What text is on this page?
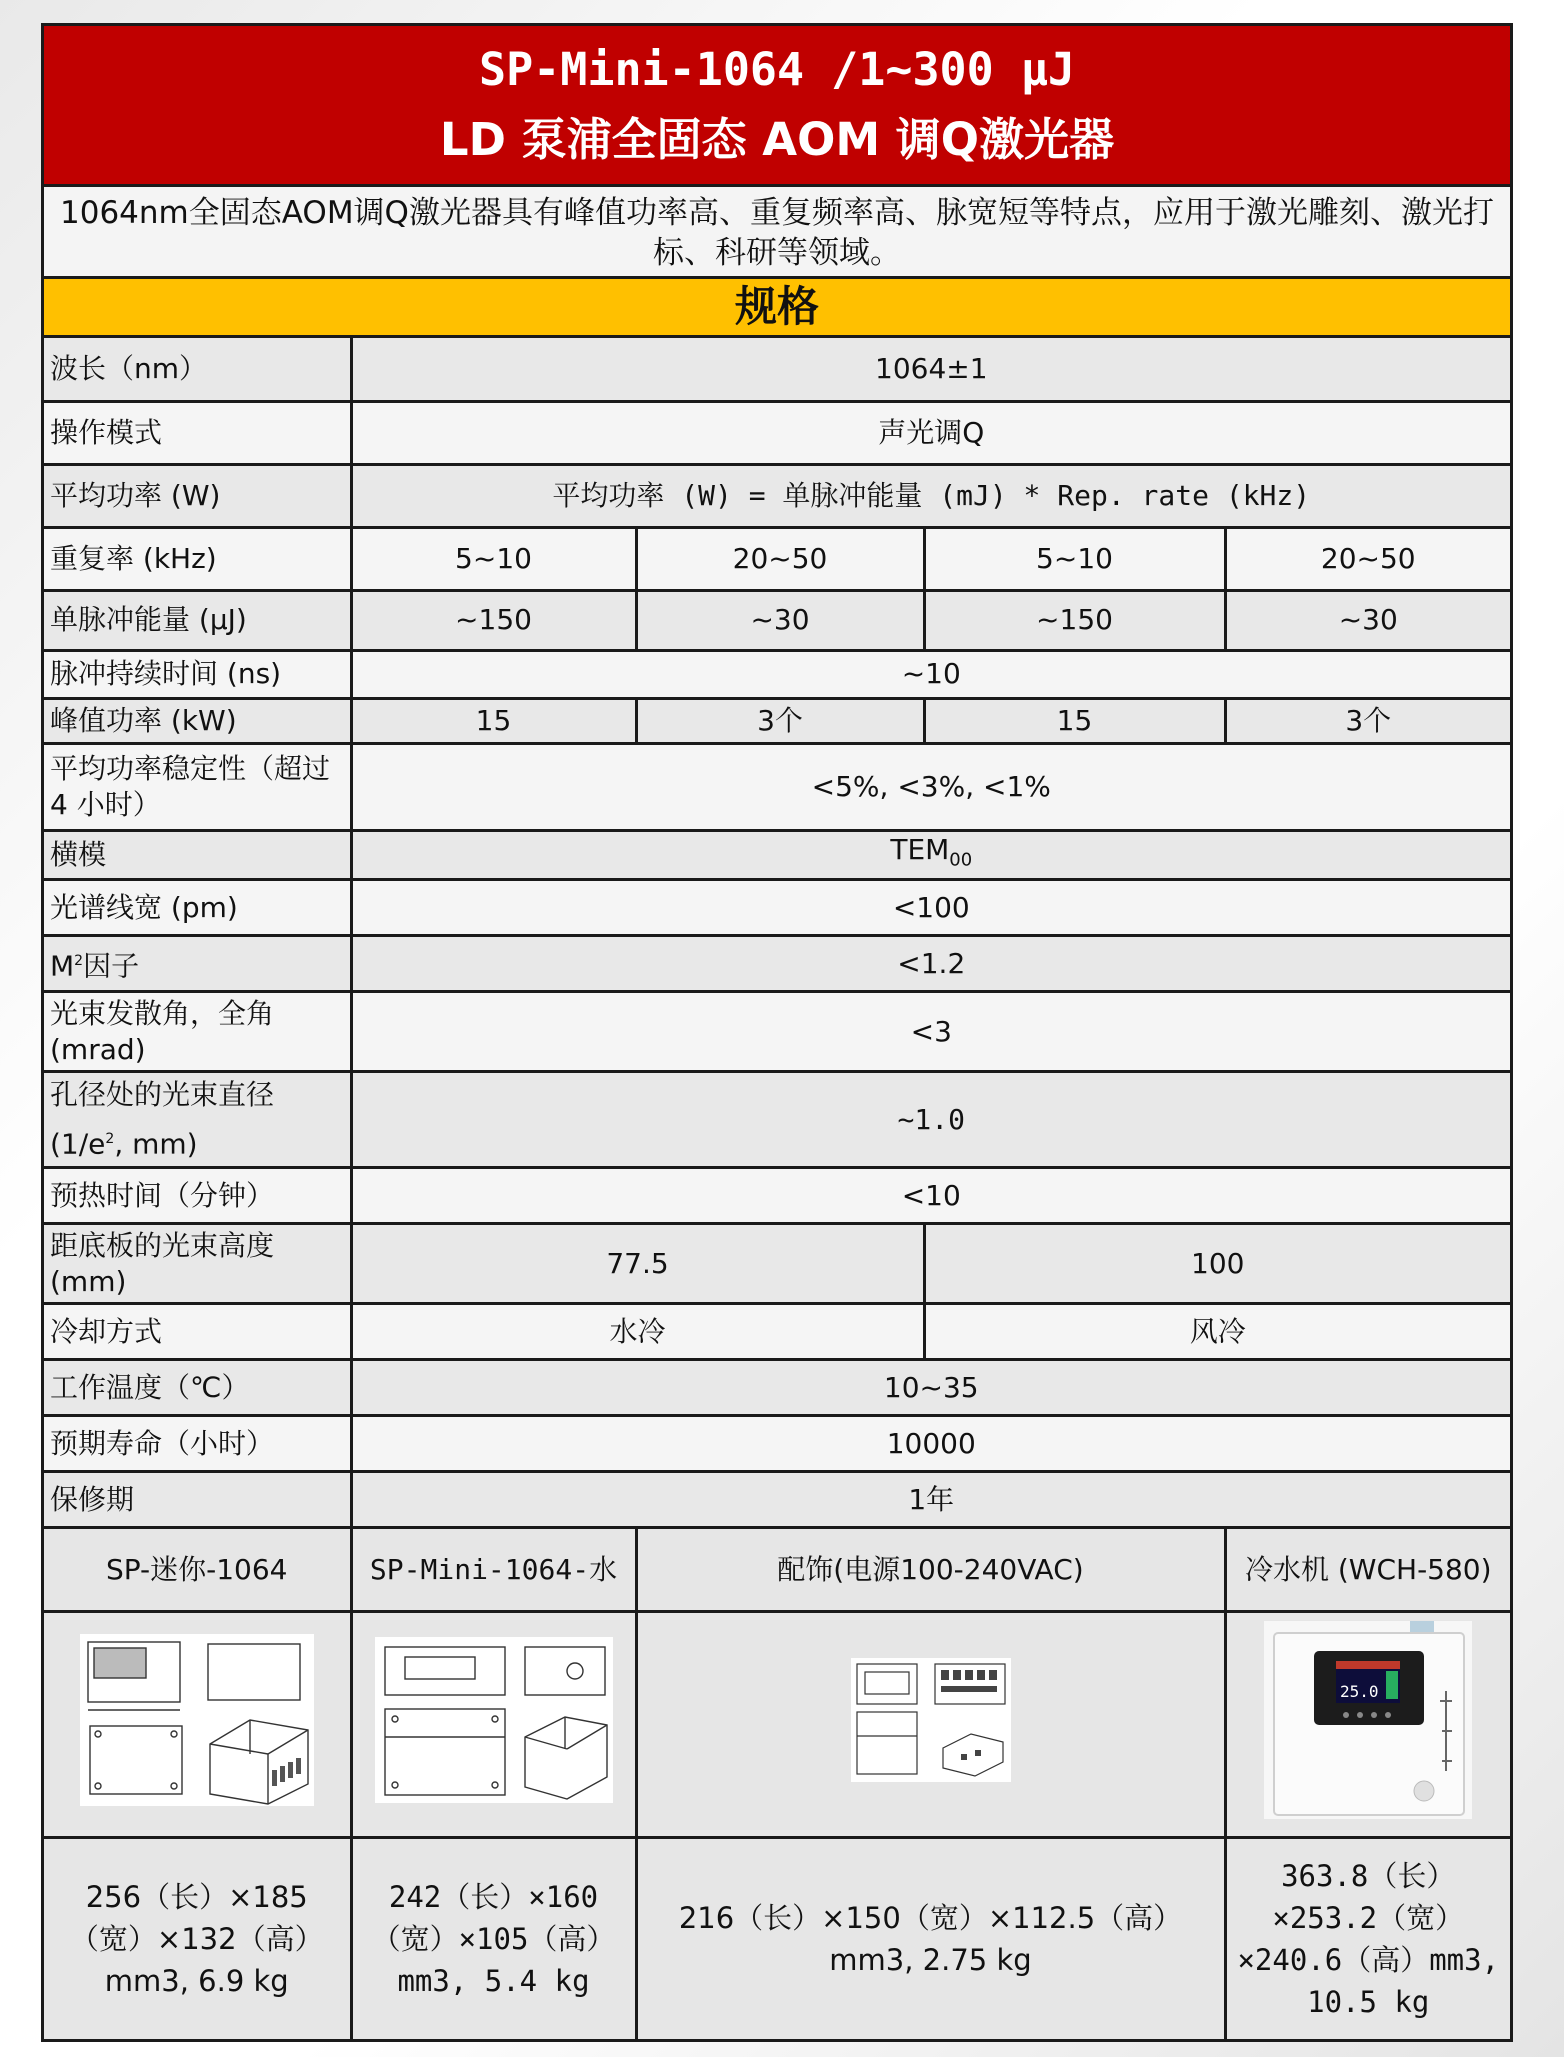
SP-Mini-1064 /1~300 μJ
LD 泵浦全固态 AOM 调Q激光器
1064nm全固态AOM调Q激光器具有峰值功率高、重复频率高、脉宽短等特点，应用于激光雕刻、激光打标、科研等领域。
规格
波长（nm）	1064±1			
操作模式	声光调Q			
平均功率 (W)	平均功率 (W) = 单脉冲能量 (mJ) * Rep. rate (kHz)			
重复率 (kHz)	5~10	20~50	5~10	20~50
单脉冲能量 (μJ)	~150	~30	~150	~30
脉冲持续时间 (ns)	~10			
峰值功率 (kW)	15	3个	15	3个
平均功率稳定性（超过 4 小时）	<5%, <3%, <1%			
横模	$TEM_{00}$
光谱线宽 (pm)	<100			
$M^2$因子	<1.2			
光束发散角，全角 (mrad)	<3			
孔径处的光束直径
($1/e^2$, mm)	~1.0			
预热时间（分钟）	<10			
距底板的光束高度 (mm)	77.5		100	
冷却方式	水冷		风冷	
工作温度（℃）	10~35			
预期寿命（小时）	10000			
保修期	1年			
SP-迷你-1064	SP-Mini-1064-水	配饰(电源100-240VAC)	冷水机 (WCH-580)

25.0

256（长）×185（宽）×132（高）mm3, 6.9 kg	242（长）×160（宽）×105（高）mm3, 5.4 kg	216（长）×150（宽）×112.5（高）mm3, 2.75 kg	363.8（长）×253.2（宽）×240.6（高）mm3, 10.5 kg
